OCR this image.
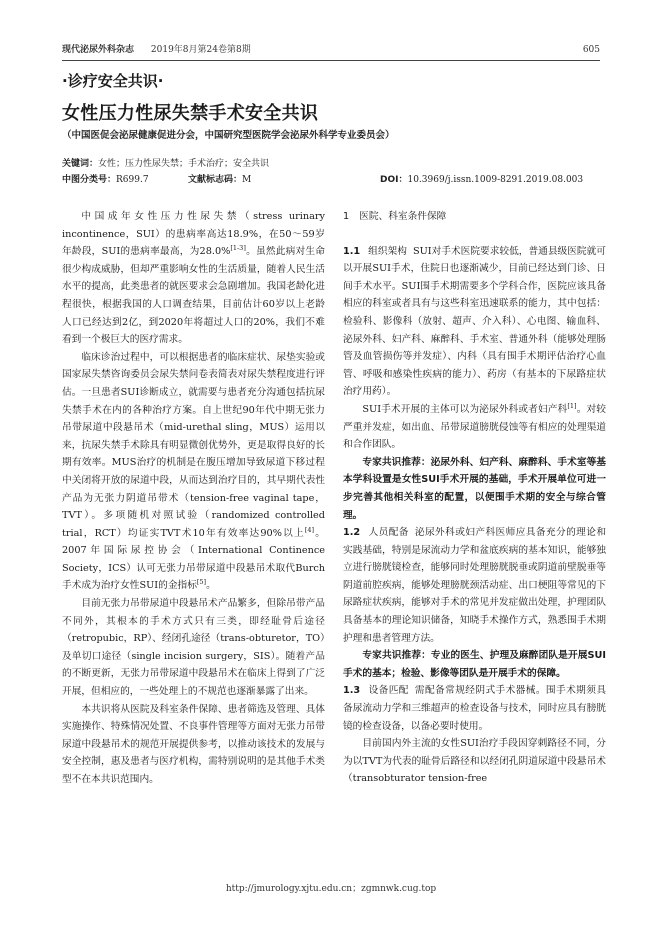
现代泌尿外科杂志 2019年8月第24卷第8期	605
·诊疗安全共识·
女性压力性尿失禁手术安全共识
（中国医促会泌尿健康促进分会，中国研究型医院学会泌尿外科学专业委员会）
关键词：女性；压力性尿失禁；手术治疗；安全共识
中图分类号：R699.7	文献标志码：M	DOI：10.3969/j.issn.1009-8291.2019.08.003

中国成年女性压力性尿失禁（stress urinary incontinence，SUI）的患病率高达18.9%，在50～59岁年龄段，SUI的患病率最高，为28.0%[1-3]。虽然此病对生命很少构成威胁，但却严重影响女性的生活质量，随着人民生活水平的提高，此类患者的就医要求会急剧增加。我国老龄化进程很快，根据我国的人口调查结果，目前估计60岁以上老龄人口已经达到2亿，到2020年将超过人口的20%，我们不难看到一个极巨大的医疗需求。

临床诊治过程中，可以根据患者的临床症状、尿垫实验或国家尿失禁咨询委员会尿失禁问卷表简表对尿失禁程度进行评估。一旦患者SUI诊断成立，就需要与患者充分沟通包括抗尿失禁手术在内的各种治疗方案。自上世纪90年代中期无张力吊带尿道中段悬吊术（mid-urethal sling，MUS）运用以来，抗尿失禁手术除具有明显微创优势外，更是取得良好的长期有效率。MUS治疗的机制是在腹压增加导致尿道下移过程中关闭将开放的尿道中段，从而达到治疗目的，其早期代表性产品为无张力阴道吊带术（tension-free vaginal tape，TVT）。多项随机对照试验（randomized controlled trial，RCT）均证实TVT术10年有效率达90%以上[4]。2007年国际尿控协会（International Continence Society，ICS）认可无张力吊带尿道中段悬吊术取代Burch手术成为治疗女性SUI的金指标[5]。

目前无张力吊带尿道中段悬吊术产品繁多，但除吊带产品不同外，其根本的手术方式只有三类，即经耻骨后途径（retropubic，RP）、经闭孔途径（trans-obturetor，TO）及单切口途径（single incision surgery，SIS）。随着产品的不断更新，无张力吊带尿道中段悬吊术在临床上得到了广泛开展，但相应的，一些处理上的不规范也逐渐暴露了出来。

本共识将从医院及科室条件保障、患者筛选及管理、具体实施操作、特殊情况处置、不良事件管理等方面对无张力吊带尿道中段悬吊术的规范开展提供参考，以推动该技术的发展与安全控制，惠及患者与医疗机构，需特别说明的是其他手术类型不在本共识范围内。

1 医院、科室条件保障

1.1 组织架构 SUI对手术医院要求较低，普通县级医院就可以开展SUI手术，住院日也逐渐减少，目前已经达到门诊、日间手术水平。SUI围手术期需要多个学科合作，医院应该具备相应的科室或者具有与这些科室迅速联系的能力，其中包括：检验科、影像科（放射、超声、介入科）、心电图、输血科、泌尿外科、妇产科、麻醉科、手术室、普通外科（能够处理肠管及血管损伤等并发症）、内科（具有围手术期评估治疗心血管、呼吸和感染性疾病的能力）、药房（有基本的下尿路症状治疗用药）。

SUI手术开展的主体可以为泌尿外科或者妇产科[1]。对较严重并发症，如出血、吊带尿道膀胱侵蚀等有相应的处理渠道和合作团队。

专家共识推荐：泌尿外科、妇产科、麻醉科、手术室等基本学科设置是女性SUI手术开展的基础，手术开展单位可进一步完善其他相关科室的配置，以便围手术期的安全与综合管理。

1.2 人员配备 泌尿外科或妇产科医师应具备充分的理论和实践基础，特别是尿流动力学和盆底疾病的基本知识，能够独立进行膀胱镜检查，能够同时处理膀胱脱垂或阴道前壁脱垂等阴道前腔疾病，能够处理膀胱颈活动症、出口梗阻等常见的下尿路症状疾病，能够对手术的常见并发症做出处理，护理团队具备基本的理论知识储备，知晓手术操作方式，熟悉围手术期护理和患者管理方法。

专家共识推荐：专业的医生、护理及麻醉团队是开展SUI手术的基本；检验、影像等团队是开展手术的保障。

1.3 设备匹配 需配备常规经阴式手术器械。围手术期须具备尿流动力学和三维超声的检查设备与技术，同时应具有膀胱镜的检查设备，以备必要时使用。

目前国内外主流的女性SUI治疗手段因穿刺路径不同，分为以TVT为代表的耻骨后路径和以经闭孔阴道尿道中段悬吊术（transobturator tension-free

http://jmurology.xjtu.edu.cn；zgmnwk.cug.top
